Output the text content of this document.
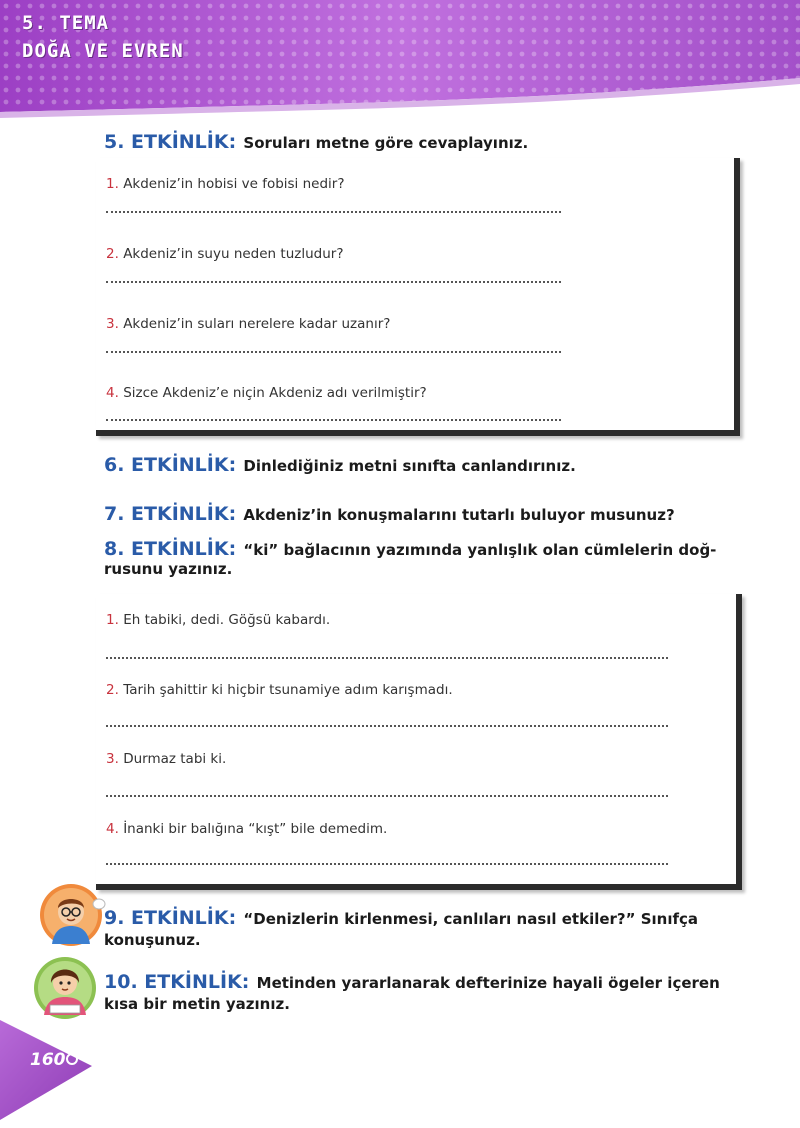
5. TEMA
DOĞA VE EVREN
5. ETKİNLİK: Soruları metne göre cevaplayınız.
1. Akdeniz’in hobisi ve fobisi nedir?
2. Akdeniz’in suyu neden tuzludur?
3. Akdeniz’in suları nerelere kadar uzanır?
4. Sizce Akdeniz’e niçin Akdeniz adı verilmiştir?
6. ETKİNLİK: Dinlediğiniz metni sınıfta canlandırınız.
7. ETKİNLİK: Akdeniz’in konuşmalarını tutarlı buluyor musunuz?
8. ETKİNLİK: “ki” bağlacının yazımında yanlışlık olan cümlelerin doğ-
rusunu yazınız.
1. Eh tabiki, dedi. Göğsü kabardı.
2. Tarih şahittir ki hiçbir tsunamiye adım karışmadı.
3. Durmaz tabi ki.
4. İnanki bir balığına “kışt” bile demedim.
9. ETKİNLİK: “Denizlerin kirlenmesi, canlıları nasıl etkiler?” Sınıfça
konuşunuz.
10. ETKİNLİK: Metinden yararlanarak defterinize hayali ögeler içeren
kısa bir metin yazınız.
160
